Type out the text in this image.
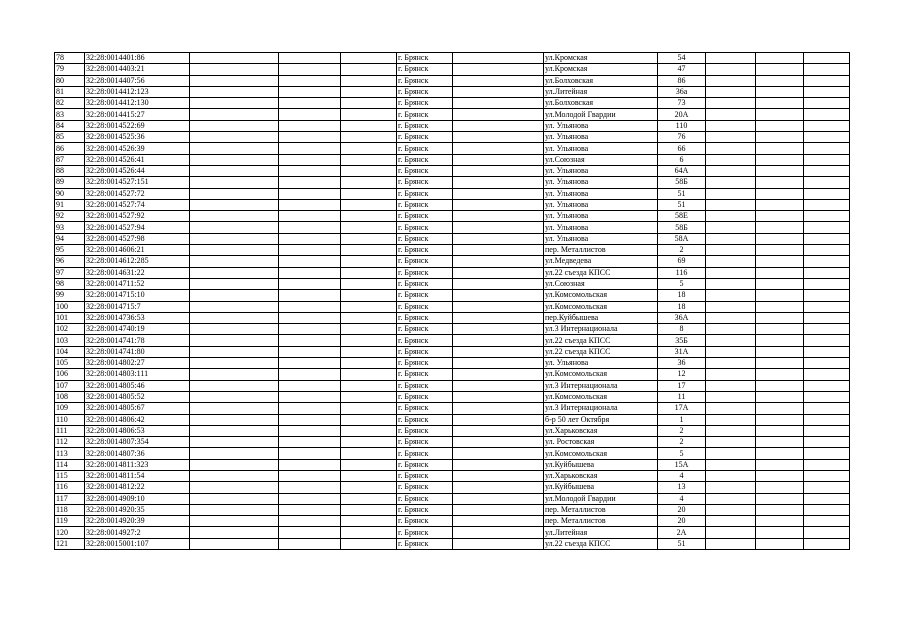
78	32:28:0014401:86				г. Брянск		ул.Кромская	54			
79	32:28:0014403:21				г. Брянск		ул.Кромская	47			
80	32:28:0014407:56				г. Брянск		ул.Болховская	86			
81	32:28:0014412:123				г. Брянск		ул.Литейная	36а			
82	32:28:0014412:130				г. Брянск		ул.Болховская	73			
83	32:28:0014415:27				г. Брянск		ул.Молодой Гвардии	20А			
84	32:28:0014522:69				г. Брянск		ул. Ульянова	110			
85	32:28:0014525:36				г. Брянск		ул. Ульянова	76			
86	32:28:0014526:39				г. Брянск		ул. Ульянова	66			
87	32:28:0014526:41				г. Брянск		ул.Союзная	6			
88	32:28:0014526:44				г. Брянск		ул. Ульянова	64А			
89	32:28:0014527:151				г. Брянск		ул. Ульянова	58Б			
90	32:28:0014527:72				г. Брянск		ул. Ульянова	51			
91	32:28:0014527:74				г. Брянск		ул. Ульянова	51			
92	32:28:0014527:92				г. Брянск		ул. Ульянова	58Е			
93	32:28:0014527:94				г. Брянск		ул. Ульянова	58Б			
94	32:28:0014527:98				г. Брянск		ул. Ульянова	58А			
95	32:28:0014606:21				г. Брянск		пер. Металлистов	2			
96	32:28:0014612:285				г. Брянск		ул.Медведева	69			
97	32:28:0014631:22				г. Брянск		ул.22 съезда КПСС	116			
98	32:28:0014711:52				г. Брянск		ул.Союзная	5			
99	32:28:0014715:10				г. Брянск		ул.Комсомольская	18			
100	32:28:0014715:7				г. Брянск		ул.Комсомольская	18			
101	32:28:0014736:53				г. Брянск		пер.Куйбышева	36А			
102	32:28:0014740:19				г. Брянск		ул.3 Интернационала	8			
103	32:28:0014741:78				г. Брянск		ул.22 съезда КПСС	35Б			
104	32:28:0014741:80				г. Брянск		ул.22 съезда КПСС	31А			
105	32:28:0014802:27				г. Брянск		ул. Ульянова	36			
106	32:28:0014803:111				г. Брянск		ул.Комсомольская	12			
107	32:28:0014805:46				г. Брянск		ул.3 Интернационала	17			
108	32:28:0014805:52				г. Брянск		ул.Комсомольская	11			
109	32:28:0014805:67				г. Брянск		ул.3 Интернационала	17А			
110	32:28:0014806:42				г. Брянск		б-р 50 лет Октября	1			
111	32:28:0014806:53				г. Брянск		ул.Харьковская	2			
112	32:28:0014807:354				г. Брянск		ул. Ростовская	2			
113	32:28:0014807:36				г. Брянск		ул.Комсомольская	5			
114	32:28:0014811:323				г. Брянск		ул.Куйбышева	15А			
115	32:28:0014811:54				г. Брянск		ул.Харьковская	4			
116	32:28:0014812:22				г. Брянск		ул.Куйбышева	13			
117	32:28:0014909:10				г. Брянск		ул.Молодой Гвардии	4			
118	32:28:0014920:35				г. Брянск		пер. Металлистов	20			
119	32:28:0014920:39				г. Брянск		пер. Металлистов	20			
120	32:28:0014927:2				г. Брянск		ул.Литейная	2А			
121	32:28:0015001:107				г. Брянск		ул.22 съезда КПСС	51			
